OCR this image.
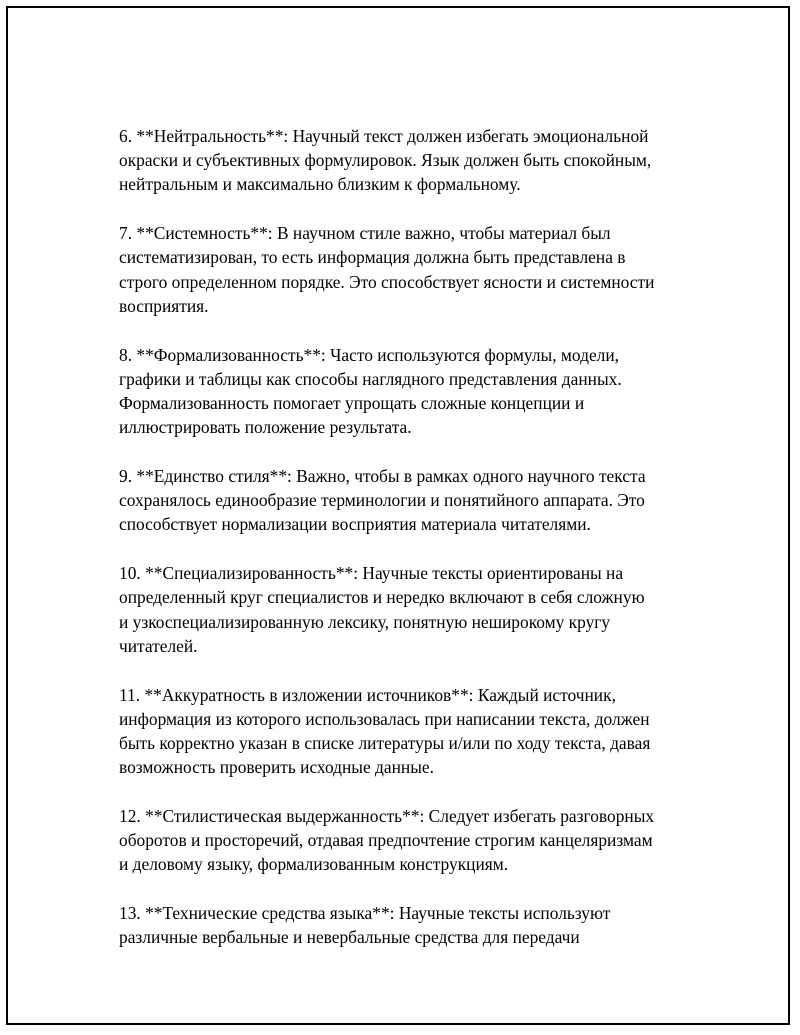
6. **Нейтральность**: Научный текст должен избегать эмоциональной
окраски и субъективных формулировок. Язык должен быть спокойным,
нейтральным и максимально близким к формальному.

7. **Системность**: В научном стиле важно, чтобы материал был
систематизирован, то есть информация должна быть представлена в
строго определенном порядке. Это способствует ясности и системности
восприятия.

8. **Формализованность**: Часто используются формулы, модели,
графики и таблицы как способы наглядного представления данных.
Формализованность помогает упрощать сложные концепции и
иллюстрировать положение результата.

9. **Единство стиля**: Важно, чтобы в рамках одного научного текста
сохранялось единообразие терминологии и понятийного аппарата. Это
способствует нормализации восприятия материала читателями.

10. **Специализированность**: Научные тексты ориентированы на
определенный круг специалистов и нередко включают в себя сложную
и узкоспециализированную лексику, понятную неширокому кругу
читателей.

11. **Аккуратность в изложении источников**: Каждый источник,
информация из которого использовалась при написании текста, должен
быть корректно указан в списке литературы и/или по ходу текста, давая
возможность проверить исходные данные.

12. **Стилистическая выдержанность**: Следует избегать разговорных
оборотов и просторечий, отдавая предпочтение строгим канцеляризмам
и деловому языку, формализованным конструкциям.

13. **Технические средства языка**: Научные тексты используют
различные вербальные и невербальные средства для передачи
